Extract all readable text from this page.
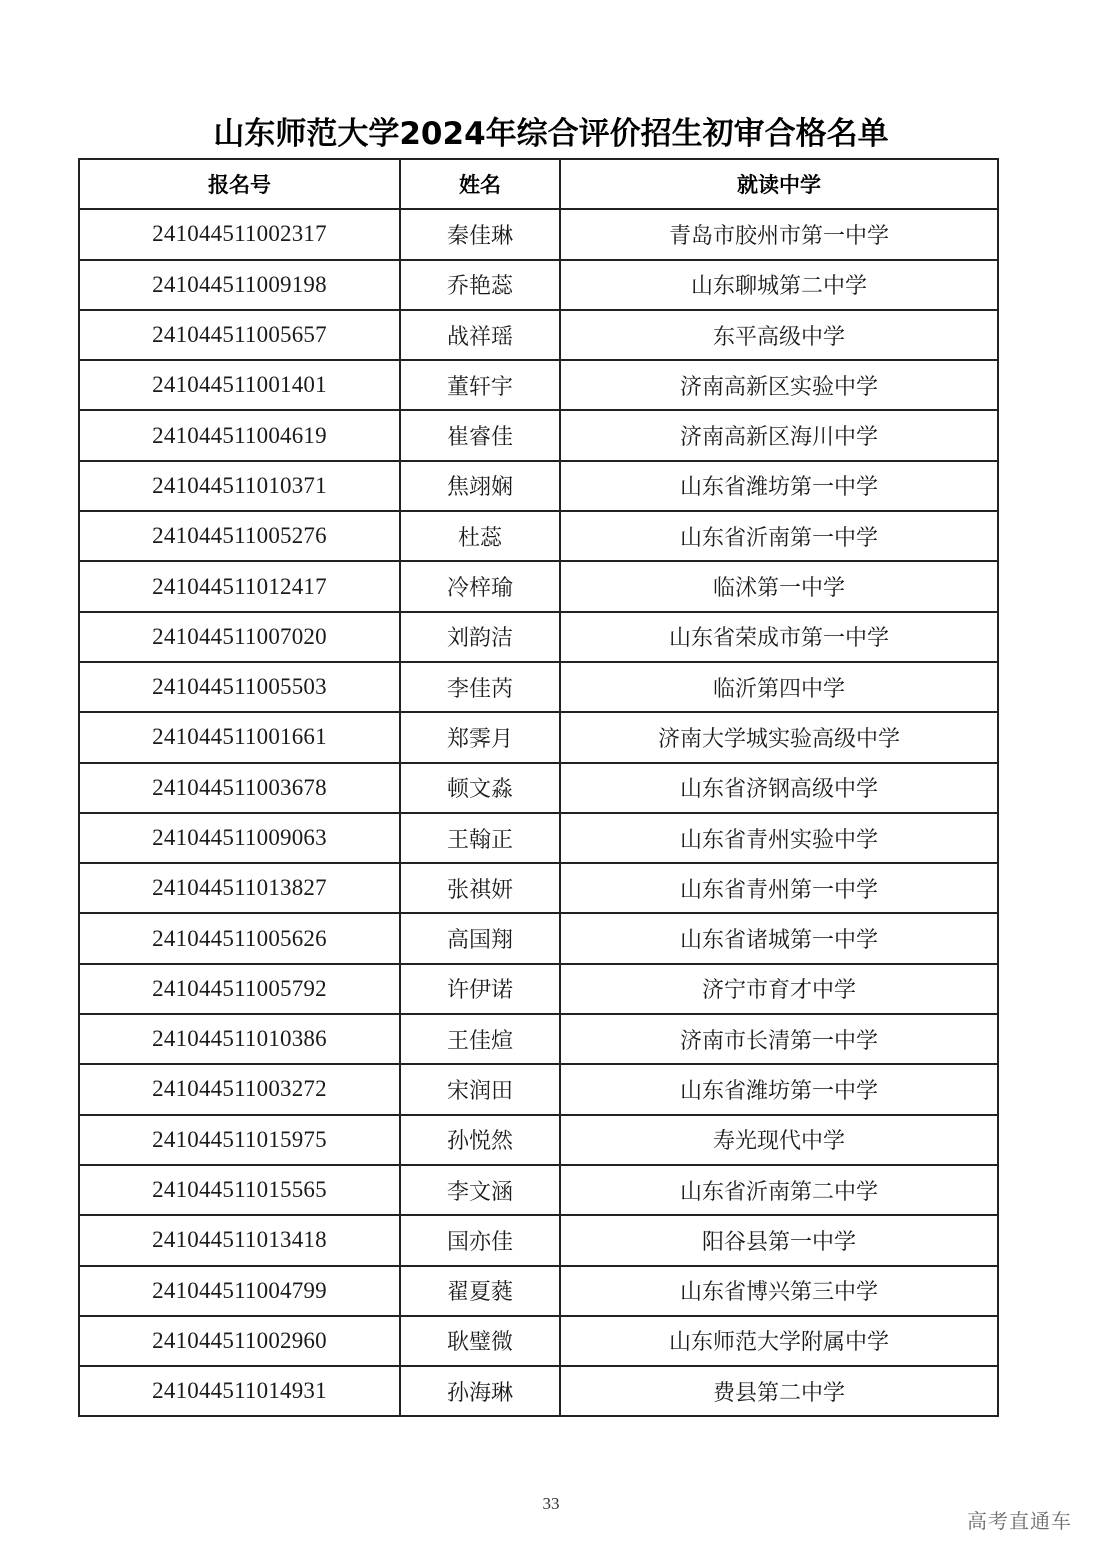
山东师范大学2024年综合评价招生初审合格名单
报名号	姓名	就读中学
241044511002317	秦佳琳	青岛市胶州市第一中学
241044511009198	乔艳蕊	山东聊城第二中学
241044511005657	战祥瑶	东平高级中学
241044511001401	董轩宇	济南高新区实验中学
241044511004619	崔睿佳	济南高新区海川中学
241044511010371	焦翊娴	山东省潍坊第一中学
241044511005276	杜蕊	山东省沂南第一中学
241044511012417	冷梓瑜	临沭第一中学
241044511007020	刘韵洁	山东省荣成市第一中学
241044511005503	李佳芮	临沂第四中学
241044511001661	郑霁月	济南大学城实验高级中学
241044511003678	顿文淼	山东省济钢高级中学
241044511009063	王翰正	山东省青州实验中学
241044511013827	张祺妍	山东省青州第一中学
241044511005626	高国翔	山东省诸城第一中学
241044511005792	许伊诺	济宁市育才中学
241044511010386	王佳煊	济南市长清第一中学
241044511003272	宋润田	山东省潍坊第一中学
241044511015975	孙悦然	寿光现代中学
241044511015565	李文涵	山东省沂南第二中学
241044511013418	国亦佳	阳谷县第一中学
241044511004799	翟夏蕤	山东省博兴第三中学
241044511002960	耿璧微	山东师范大学附属中学
241044511014931	孙海琳	费县第二中学
33
高考直通车
